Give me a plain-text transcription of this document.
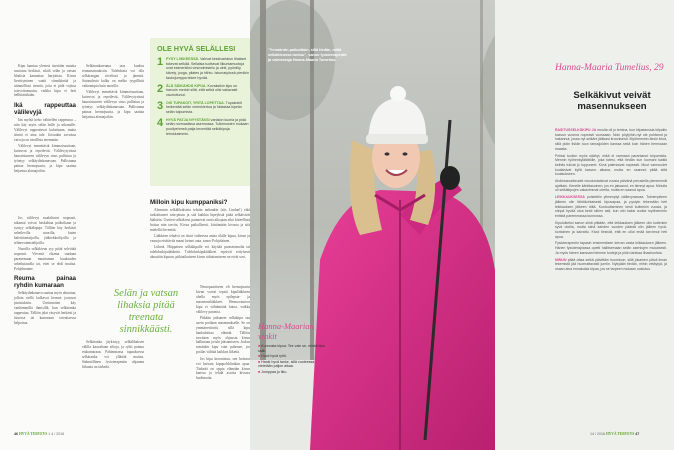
Kipu laantuu yleensä itsestään muutta uusiutuu herkästi, sikäli selän ja vatsan lihaksia kannattaa harjoittaa. Kivun lievittyminen vaatii siinnikintää ja säännöllistä treeniä, jotta ei pidä vajissa toisvottomuutta, vaikka kipu ei heti hellittäisikään.

Ikä rappeuttaa välilevyjä

Iän myötä keho vähitellen rappeutuu – niin käy myös selän luille ja nikamille. Välilevyt rappeutuvat kuluttuaan, mutta siinnä ei aina tule. Joissakin suvuissa vaivoja on tavallista enemmän.

Välilevyt menettävät kimmoisuuttaan, kuivuvat ja repeilevät. Välilevytyrässä hauraistuneen välilevyn sisus pullistuu ja työntyy selkäydinkanavaan. Pullistuma painaa hermojuuria, ja kipu saattaa heijastua alaraajoihin.

Jos välilevyt madaltuvat nopeasti, nikamat voivat luiskahtaa paikoiltaan ja syntyy selkäkipuja. Tällöin käy herkästi urheilevilla nuorilla, kuten balettitanssijoilla, jääkiekkoilijoilla ja telinevoimistelijoilla.

Nuorilla selkäkivun syy pitää selvittää nopeasti. Vievenä rikama saadaan paranemaan muuttaman kuukauden urheilutauolla tai, ettei se ehdi muttaa. Pohjelmanne.

Reuma painaa ryhdin kumaraan

Selkäydinkanava saattaa myös ahtautua, jolloin siellä kulkevat hermot joutuvat puristuksiin. Useimmiten käy vanhemmilla ihmisillä, kun selkäranka rappeutuu. Tällöin jalat väsyvät herkästi ja istuessa tai kumaraan taivuttaessa helpottaa.

Selkärankareuma taas kuuluu reumasairauksiin. Tulehdusta voi olla selkärangan nivelissä ja jännetä. Sairaudesta kulku on melko tyypillistä vaikeampia kuin nuorilla.

Välilevyt menettävät kimmoisuuttaan, kuivuvat ja repeilevät. Välilevytyrässä hauraistuneen välilevyn sisus pullistuu ja työntyy selkäydinkanavaan. Pullistuma painaa hermojuuria, ja kipu saattaa heijastua alaraajoihin.

Selkäranka jäykistyy, selkälihaksen välilla kaavaltaan siltoja, ja ryhti painuu etukumaraan. Pahimmassa tapauksessa selkäranka voi yllättää muttaa. Säännöllinen fysioterapeutin ohjaama liikunta on tärkeää.

Selän ja vatsan lihaksia pitää treenata sinnikkäästi.
Milloin kipu kumppaniksi?

Alemmin selkälihaksista tehtiin tarhankin (siis Lindun!) eikä tarkoittaneet niin-pituin ja sitä kaikkia kipeyksiä pitää selkäisivät lääkärin. Useiten selkäkivut paranevat omia aikojaan eikä kiireellistä hoitoa niin tarvita. Kivua paikallisesti, kiistämään kivusta ja sitä mielellä lieventää.

Lääkkeen tehtävä on tässä vaiheessa antaa tilalle kipua, kivun ja vaaroja etsittävää maasi keinot auta, sanoo Pohjolainen.

Liiketä. Hiippaisen selkäkipulle voi käyttää parasetamolia tai tulehduskipulääkettä. Tulehduskipulääkkeet tepsivät erityisesti akuuttiin kipuun, pitkäaikaiseen kivun taltuttamiseen ne eivät sovi.

Neuropaattiseen eli hermojuurin kivun voivat tepsiä kipulääkkeen ohella myös epilepsia- ja masennuslääkkeet. Hermovaurion kipu ei välttämättä katoa, vaikka välilevy paranisi.

Pitkään jatkuneet selkäkipu saa usein potilaan masennukselle. Se on ymmärrettävää, sillä kipu hankaloittaa elämää. Tällöin tarvitaan myös ohjausta kivun hallintaan ja tuki jaksamiseen. Joskus nimittäin kipu vain pahenee, jos potilas välttää kaikkea liikettä.

Jos kipu kroonistuu, sen hoitoon voi kaivata kipupoliklinikan apua. Tärkeää on oppia elämään kivun kanssa ja tehdä asioita kivusta huolimatta.

OLE HYVÄ SELÄLLESI
1 PYSY LIIKKEESSÄ. Vahvat keskivartalon lihakset tukevat selkää. Sellaisia tuottavat liikuntamuotoja ovat esimerkiksi vesivoimistelu ja uinti, pyöräily, kävely, jooga, pilates ja hiihto. Istumatyössä pienikin taukojumppa tekee hyvää.
2 ÄLÄ SÄIKÄHDÄ KIPUA. Kovaksikin kipu on harvoin merkki siitä, että selkä olisi vakavasti vaurioitunut.
3 OIS TUPAKOIT, YRITÄ LOPETTAA. Tupakointi heikentää selän verenkiertoa ja hidastaa kipeän selän toipumista.
4 HYVÄ PATJA NYYSTÄKSI vartalon kuoria ja pidä selän normaalissa asennossa. Tutkimusten mukaan puolipehmeä patja keventää selkäkipuja tehokkaimmin.
"Ymmärrän paikoittain, sillä tiedän, miltä selkäkivussa tuntuu", sanoo fysioterapeutti ja valmentaja Hanna-Maaria Tumelius.
Hanna-Maarian vinkit
■Kunnosta kipua. Tee vain se, minkä kipu sallii.
■Huoli hyvä ryhti.
■Hanki hyvä tanke, sillä vuoteessa vietetään paljon aikaa.
■Jumppaa jo tiku.
Hanna-Maaria Tumelius, 29
Selkäkivut veivät masennukseen

RASITUSSELKÄKIPU JA mnulla oli jo teinina, kun kilpatanssia kilpailin kasvun vuonna nopeasti vuossaan. Noin pöytyihin-nyt ole pohtanut ja hakannut, jossa nyt selkäni jäikkasi kroonisesti. Myöhemmin tiesin kivut, sillä pidin tiskiin tuon tanssijoiden kanssa sekä koin hänen hermoaan maasta.

Pelissi tuollon myös säähyi, mikä ei varmaan parantanut toipumista. Mennin työhenkylälättölle, joka totesi, että tiedän kun luomani kaikki keihäs tulivat jo loppuneet. Kivut palenisivat nopeasti. Muut varmuudet kuolaisivat kyllä kasvun aikana, mutta en osannut pitää siitä kuulaukseen.

Ahdistusvaikeudet muodostaisivat vuosia päivänä perustella pienemmät ajoittain. Kenelle kärkitasoinen, jos en jaksanut, en tiennyt apua. Minulla oli selkäkipujen vakavimmat oireita, mutta en saanut apua.

LEIKKAUKSESSA poistettiin ylimenytyt välilevyrasvaa. Toimenpiteen jälkeen olin lähtökohtaisesti kipuvapaa, ja pystyin tekemään heti leikkauksen jälkeen töitä. Kuntouttaminen kesti kuitenkin vuosia, ja niinpä hyvää oloa kesti siihen asti, kun olin kaksi vuotta myöhemmin entistä paremmassa kunnossa.

Kipuloikeksi sanon siinä pitkään, että leikkauksen jälkeen olin kuitenkin syvä olotila, mutta siinä kahden vuoden päästä olin jälleen hyvä-kuntoinen ja kaivattu. Kivut tiesivät, että en ollut enää tarvinnut heti apua.

Fysioterapeutin tapasin ensimmäisen kerran vasta leikkauksen jälkeen. Hänen fysioterapiassa opetti hallitsemaan selän asentojen mukaisesti. Ja myös hänen kanssani teimme tunteja ja pidin tarkkaa lihashuoltoa.

MINUN pitää ottaa selkä päivittäin huomioon, sillä jokainen päivä ilman tekemistä jää huomattavasti jumiin. Nykyään tiedän, mihin vetäytyä, ja osaan aina ennakoida kipua, jos se tarpeen mukaan uusiutuu.

46 HYVÄ TERVEYS 1 4 / 2016	14 / 2016 HYVÄ TERVEYS 47
